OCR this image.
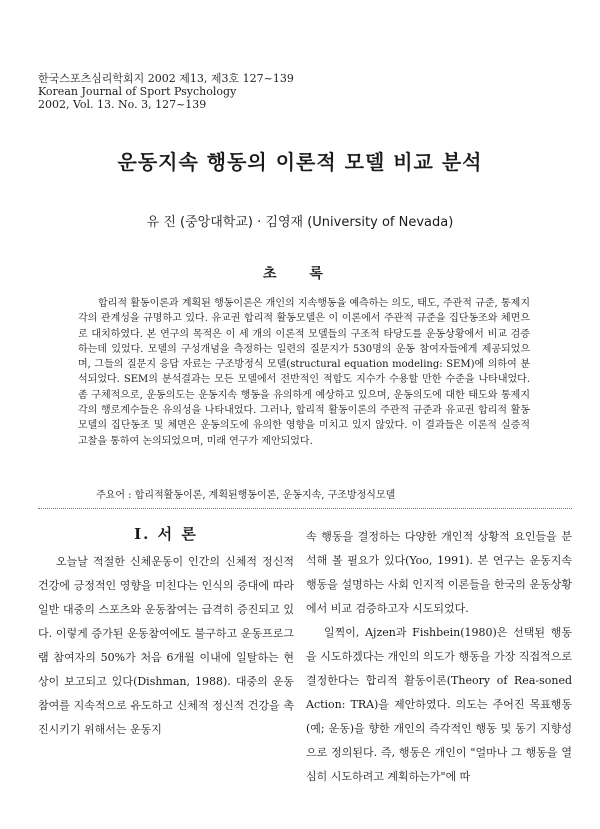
한국스포츠심리학회지 2002 제13, 제3호 127~139
Korean Journal of Sport Psychology
2002, Vol. 13. No. 3, 127~139
운동지속 행동의 이론적 모델 비교 분석
유 진 (중앙대학교) · 김영재 (University of Nevada)
초 록

합리적 활동이론과 계획된 행동이론은 개인의 지속행동을 예측하는 의도, 태도, 주관적 규준, 통제지각의 관계성을 규명하고 있다. 유교권 합리적 활동모델은 이 이론에서 주관적 규준을 집단동조와 체면으로 대치하였다. 본 연구의 목적은 이 세 개의 이론적 모델들의 구조적 타당도를 운동상황에서 비교 검증하는데 있었다. 모델의 구성개념을 측정하는 일련의 질문지가 530명의 운동 참여자들에게 제공되었으며, 그들의 질문지 응답 자료는 구조방정식 모델(structural equation modeling: SEM)에 의하여 분석되었다. SEM의 분석결과는 모든 모델에서 전반적인 적합도 지수가 수용할 만한 수준을 나타내었다. 좀 구체적으로, 운동의도는 운동지속 행동을 유의하게 예상하고 있으며, 운동의도에 대한 태도와 통제지각의 행로계수들은 유의성을 나타내었다. 그러나, 합리적 활동이론의 주관적 규준과 유교권 합리적 활동모델의 집단동조 및 체면은 운동의도에 유의한 영향을 미치고 있지 않았다. 이 결과들은 이론적 실증적 고찰을 통하여 논의되었으며, 미래 연구가 제안되었다.

주요어 : 합리적활동이론, 계획된행동이론, 운동지속, 구조방정식모델
I. 서 론

오늘날 적절한 신체운동이 인간의 신체적 정신적 건강에 긍정적인 영향을 미친다는 인식의 증대에 따라 일반 대중의 스포츠와 운동참여는 급격히 증진되고 있다. 이렇게 증가된 운동참여에도 불구하고 운동프로그램 참여자의 50%가 처음 6개월 이내에 일탈하는 현상이 보고되고 있다(Dishman, 1988). 대중의 운동참여를 지속적으로 유도하고 신체적 정신적 건강을 촉진시키기 위해서는 운동지

속 행동을 결정하는 다양한 개인적 상황적 요인들을 분석해 볼 필요가 있다(Yoo, 1991). 본 연구는 운동지속 행동을 설명하는 사회 인지적 이론들을 한국의 운동상황에서 비교 검증하고자 시도되었다.

일찍이, Ajzen과 Fishbein(1980)은 선택된 행동을 시도하겠다는 개인의 의도가 행동을 가장 직접적으로 결정한다는 합리적 활동이론(Theory of Rea-soned Action: TRA)을 제안하였다. 의도는 주어진 목표행동(예; 운동)을 향한 개인의 즉각적인 행동 및 동기 지향성으로 정의된다. 즉, 행동은 개인이 "얼마나 그 행동을 열심히 시도하려고 계획하는가"에 따
